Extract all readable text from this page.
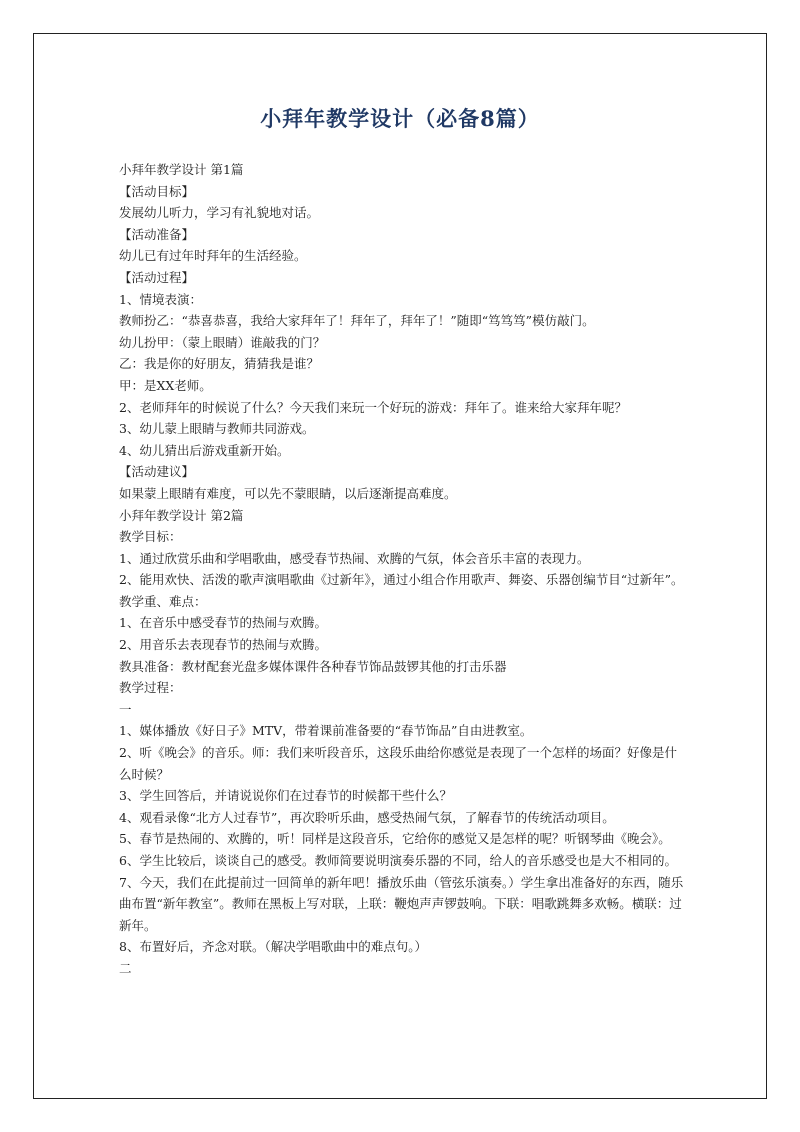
小拜年教学设计（必备8篇）
小拜年教学设计 第1篇
【活动目标】
发展幼儿听力，学习有礼貌地对话。
【活动准备】
幼儿已有过年时拜年的生活经验。
【活动过程】
1、情境表演：
教师扮乙：“恭喜恭喜，我给大家拜年了！拜年了，拜年了！”随即“笃笃笃”模仿敲门。
幼儿扮甲：（蒙上眼睛）谁敲我的门？
乙：我是你的好朋友，猜猜我是谁？
甲：是XX老师。
2、老师拜年的时候说了什么？今天我们来玩一个好玩的游戏：拜年了。谁来给大家拜年呢？
3、幼儿蒙上眼睛与教师共同游戏。
4、幼儿猜出后游戏重新开始。
【活动建议】
如果蒙上眼睛有难度，可以先不蒙眼睛，以后逐渐提高难度。
小拜年教学设计 第2篇
教学目标：
1、通过欣赏乐曲和学唱歌曲，感受春节热闹、欢腾的气氛，体会音乐丰富的表现力。
2、能用欢快、活泼的歌声演唱歌曲《过新年》，通过小组合作用歌声、舞姿、乐器创编节目“过新年”。
教学重、难点：
1、在音乐中感受春节的热闹与欢腾。
2、用音乐去表现春节的热闹与欢腾。
教具准备：教材配套光盘多媒体课件各种春节饰品鼓锣其他的打击乐器
教学过程：
一
1、媒体播放《好日子》MTV，带着课前准备要的“春节饰品”自由进教室。
2、听《晚会》的音乐。师：我们来听段音乐，这段乐曲给你感觉是表现了一个怎样的场面？好像是什么时候？
3、学生回答后，并请说说你们在过春节的时候都干些什么？
4、观看录像“北方人过春节”，再次聆听乐曲，感受热闹气氛，了解春节的传统活动项目。
5、春节是热闹的、欢腾的，听！同样是这段音乐，它给你的感觉又是怎样的呢？听钢琴曲《晚会》。
6、学生比较后，谈谈自己的感受。教师简要说明演奏乐器的不同，给人的音乐感受也是大不相同的。
7、今天，我们在此提前过一回简单的新年吧！播放乐曲（管弦乐演奏。）学生拿出准备好的东西，随乐曲布置“新年教室”。教师在黑板上写对联，上联：鞭炮声声锣鼓响。下联：唱歌跳舞多欢畅。横联：过新年。
8、布置好后，齐念对联。（解决学唱歌曲中的难点句。）
二
